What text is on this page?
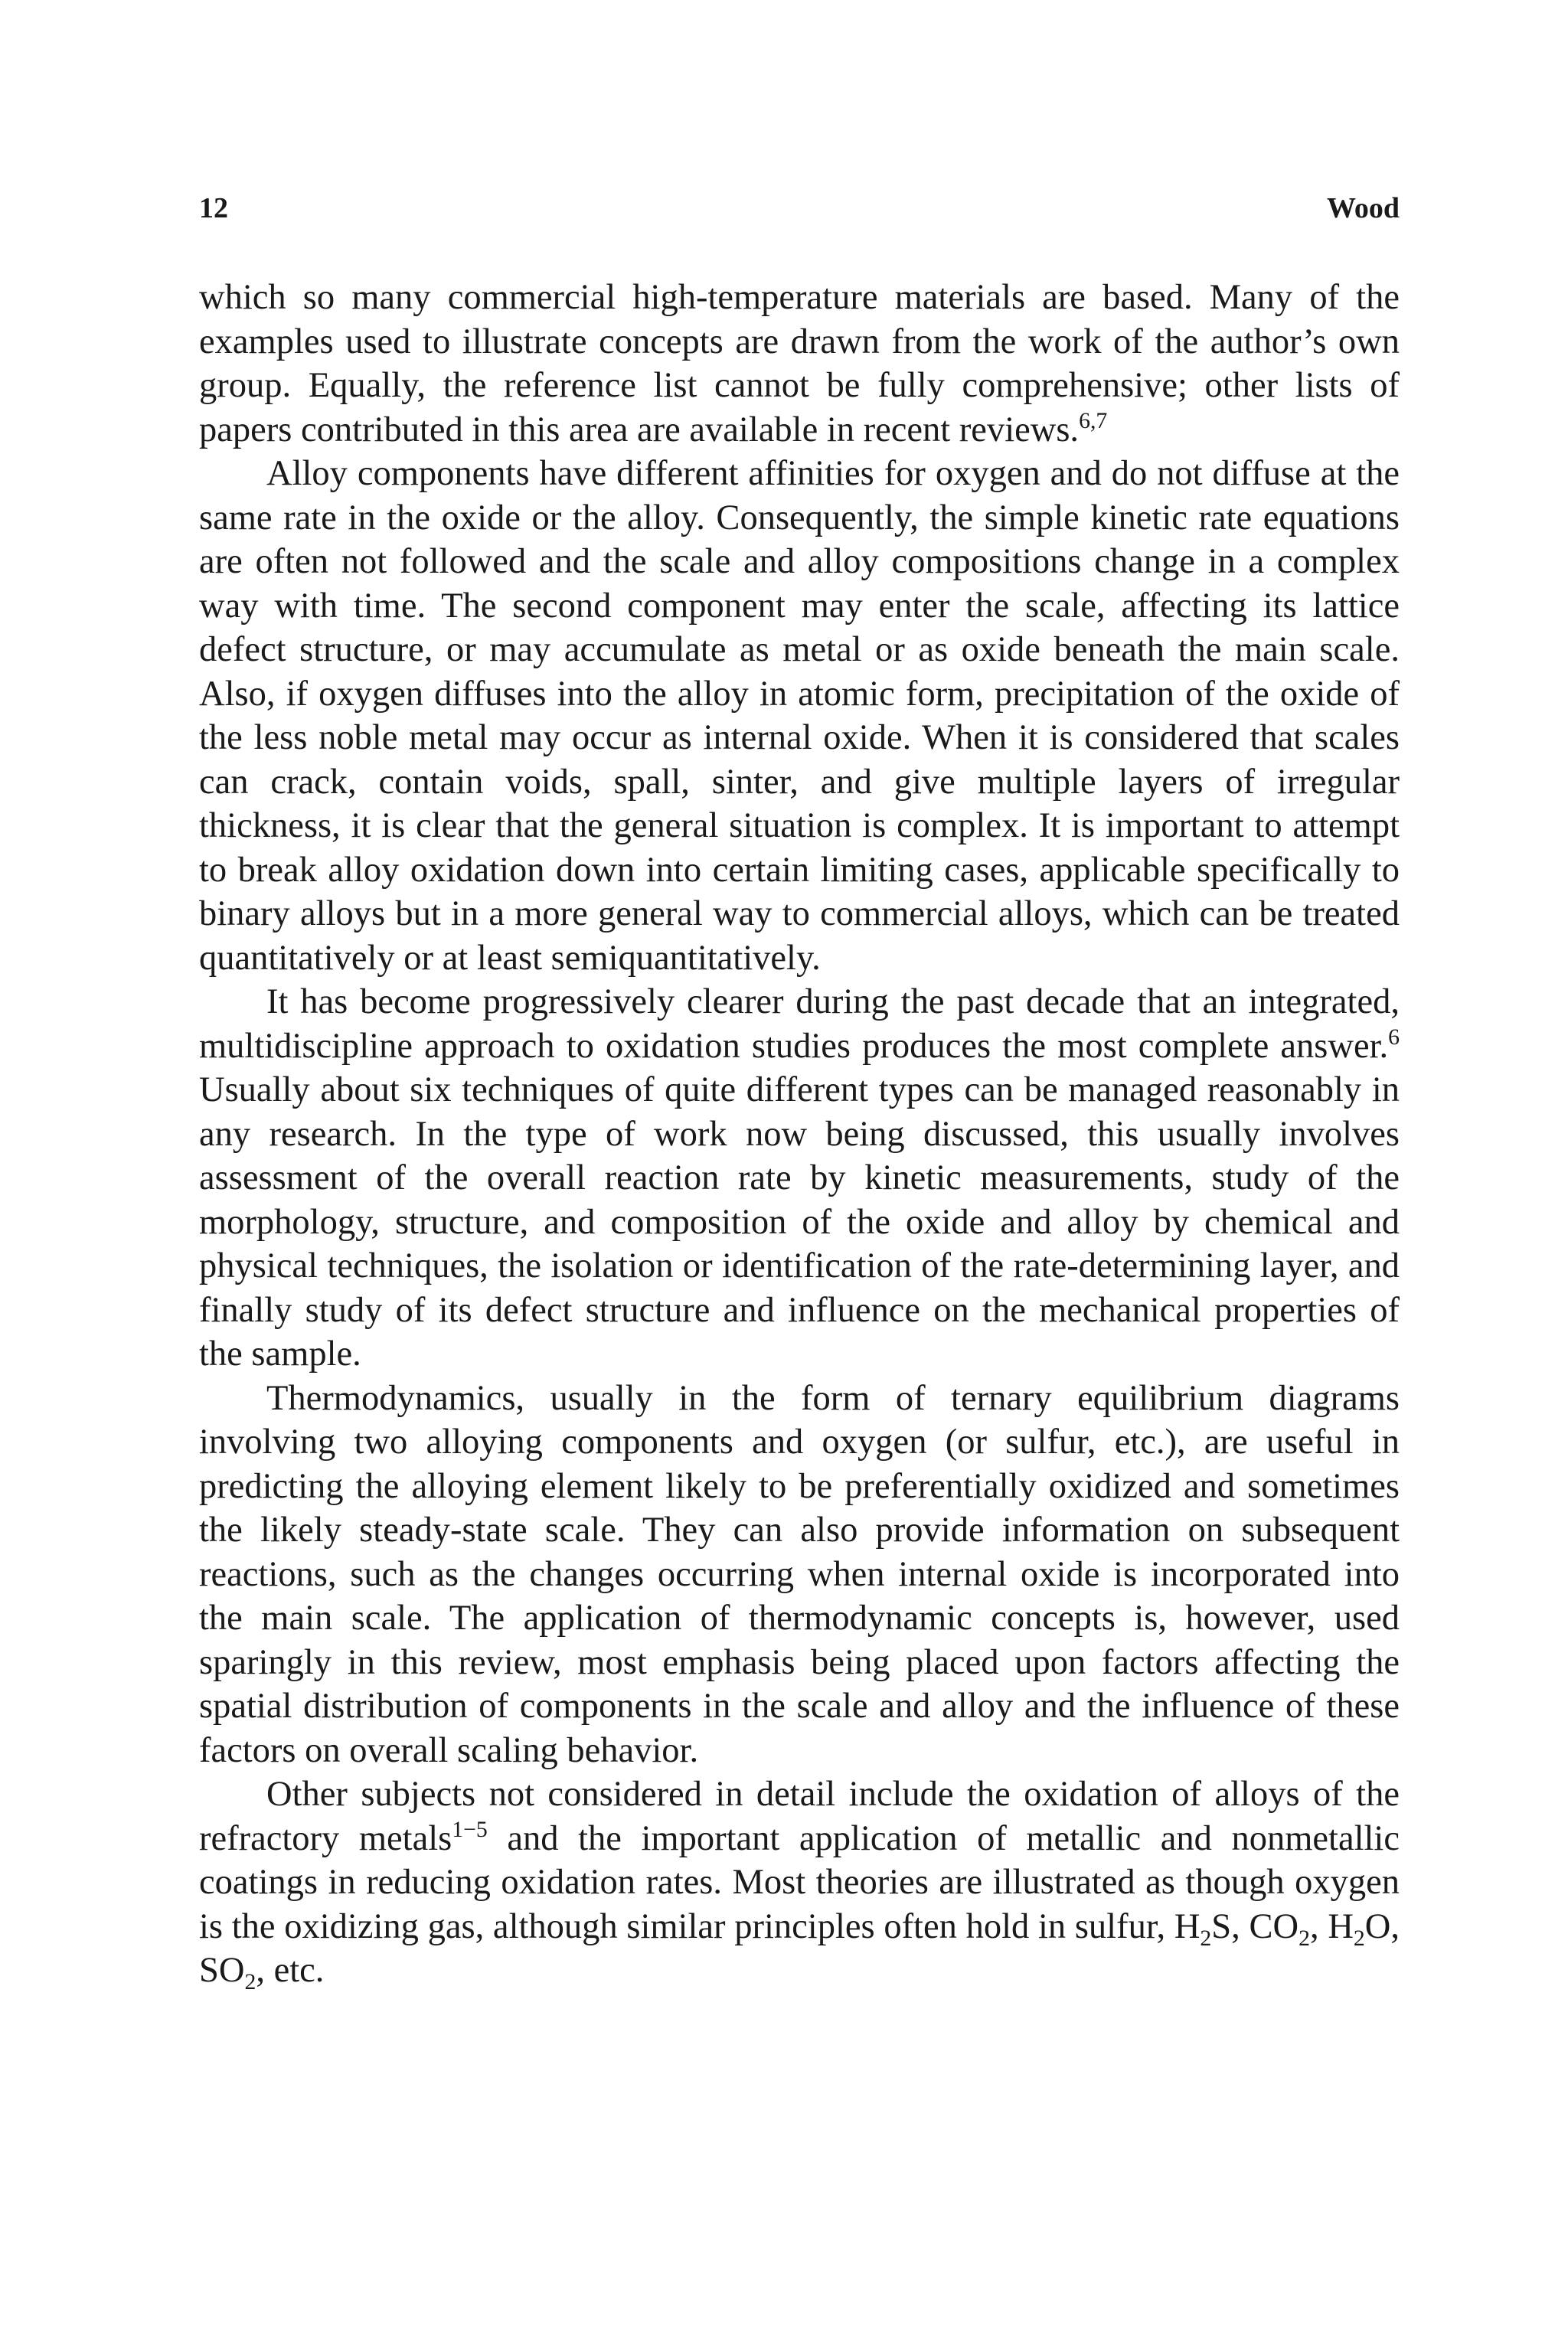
12	Wood

which so many commercial high-temperature materials are based. Many of the examples used to illustrate concepts are drawn from the work of the author’s own group. Equally, the reference list cannot be fully comprehensive; other lists of papers contributed in this area are available in recent reviews.$^{6,7}$

Alloy components have different affinities for oxygen and do not diffuse at the same rate in the oxide or the alloy. Consequently, the simple kinetic rate equations are often not followed and the scale and alloy compositions change in a complex way with time. The second component may enter the scale, affecting its lattice defect structure, or may accumulate as metal or as oxide beneath the main scale. Also, if oxygen diffuses into the alloy in atomic form, precipitation of the oxide of the less noble metal may occur as internal oxide. When it is considered that scales can crack, contain voids, spall, sinter, and give multiple layers of irregular thickness, it is clear that the general situation is complex. It is important to attempt to break alloy oxidation down into certain limiting cases, applicable specifically to binary alloys but in a more general way to commercial alloys, which can be treated quantitatively or at least semiquantitatively.

It has become progressively clearer during the past decade that an integrated, multidiscipline approach to oxidation studies produces the most complete answer.$^6$ Usually about six techniques of quite different types can be managed reasonably in any research. In the type of work now being discussed, this usually involves assessment of the overall reaction rate by kinetic measurements, study of the morphology, structure, and composition of the oxide and alloy by chemical and physical techniques, the isolation or identification of the rate-determining layer, and finally study of its defect structure and influence on the mechanical properties of the sample.

Thermodynamics, usually in the form of ternary equilibrium diagrams involving two alloying components and oxygen (or sulfur, etc.), are useful in predicting the alloying element likely to be preferentially oxidized and sometimes the likely steady-state scale. They can also provide information on subsequent reactions, such as the changes occurring when internal oxide is incorporated into the main scale. The application of thermodynamic concepts is, however, used sparingly in this review, most emphasis being placed upon factors affecting the spatial distribution of components in the scale and alloy and the influence of these factors on overall scaling behavior.

Other subjects not considered in detail include the oxidation of alloys of the refractory metals$^{1-5}$ and the important application of metallic and nonmetallic coatings in reducing oxidation rates. Most theories are illustrated as though oxygen is the oxidizing gas, although similar principles often hold in sulfur, $H_2S$, $CO_2$, $H_2O$, $SO_2$, etc.
